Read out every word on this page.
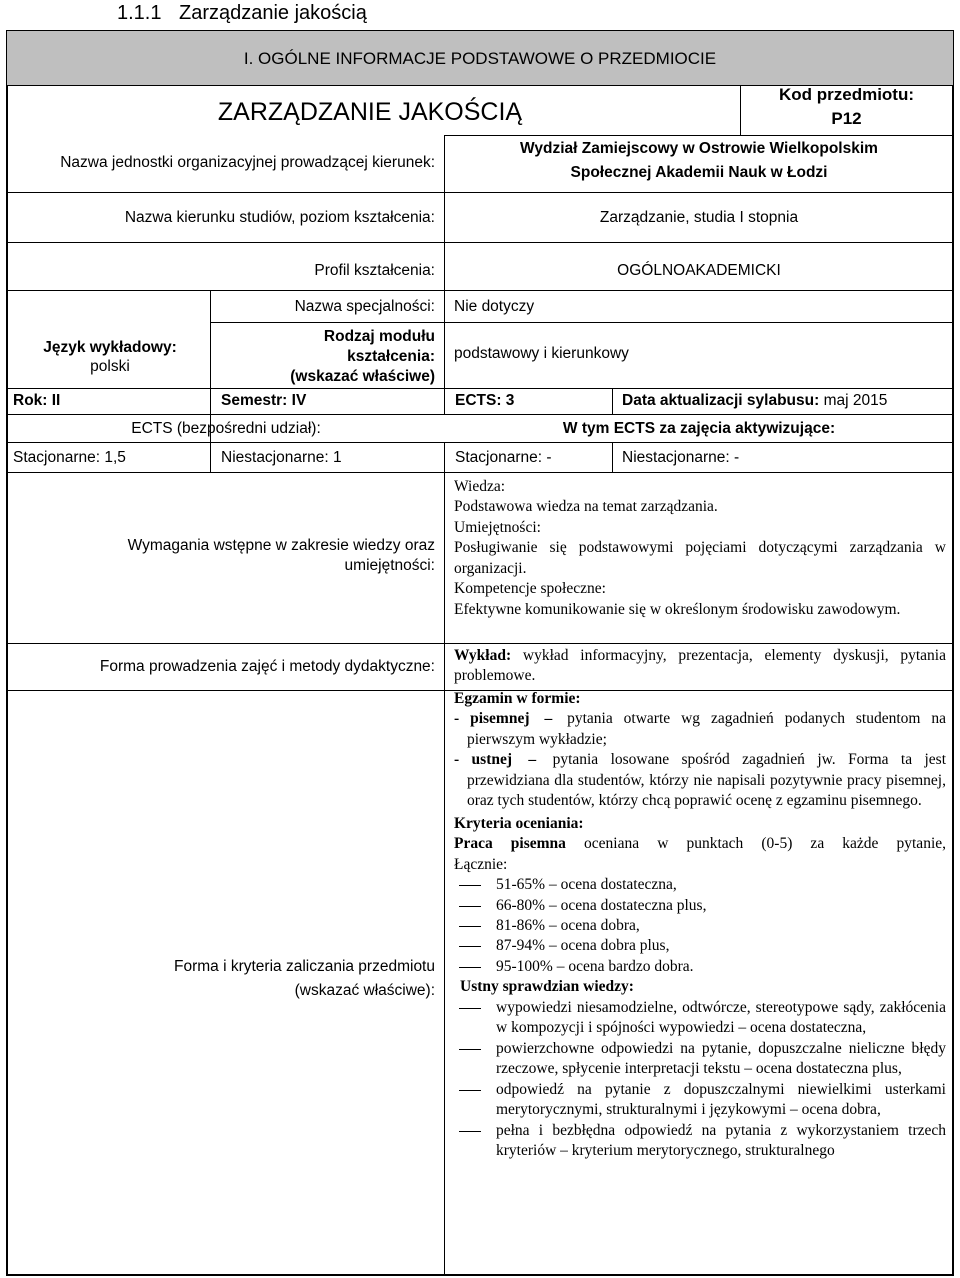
1.1.1 Zarządzanie jakością
I. OGÓLNE INFORMACJE PODSTAWOWE O PRZEDMIOCIE
ZARZĄDZANIE JAKOŚCIĄ
Kod przedmiotu:
P12
Nazwa jednostki organizacyjnej prowadzącej kierunek:
Wydział Zamiejscowy w Ostrowie Wielkopolskim
Społecznej Akademii Nauk w Łodzi
Nazwa kierunku studiów, poziom kształcenia:	Zarządzanie, studia I stopnia
Profil kształcenia:	OGÓLNOAKADEMICKI
Nazwa specjalności: Nie dotyczy
Język wykładowy:
polski
Rodzaj modułu
kształcenia:
(wskazać właściwe)
podstawowy i kierunkowy
Rok: II	Semestr: IV	ECTS: 3	Data aktualizacji sylabusu: maj 2015
ECTS (bezpośredni udział):	W tym ECTS za zajęcia aktywizujące:
Stacjonarne: 1,5	Niestacjonarne: 1	Stacjonarne: -	Niestacjonarne: -
Wymagania wstępne w zakresie wiedzy oraz
umiejętności:
Wiedza:
Podstawowa wiedza na temat zarządzania.
Umiejętności:
Posługiwanie się podstawowymi pojęciami dotyczącymi zarządzania w organizacji.
Kompetencje społeczne:
Efektywne komunikowanie się w określonym środowisku zawodowym.
Forma prowadzenia zajęć i metody dydaktyczne:
Wykład: wykład informacyjny, prezentacja, elementy dyskusji, pytania problemowe.
Forma i kryteria zaliczania przedmiotu
(wskazać właściwe):
Egzamin w formie:
- pisemnej – pytania otwarte wg zagadnień podanych studentom na pierwszym wykładzie;
- ustnej – pytania losowane spośród zagadnień jw. Forma ta jest przewidziana dla studentów, którzy nie napisali pozytywnie pracy pisemnej, oraz tych studentów, którzy chcą poprawić ocenę z egzaminu pisemnego.
Kryteria oceniania:
Praca pisemna oceniana w punktach (0-5) za każde pytanie,
Łącznie:
51-65% – ocena dostateczna,
66-80% – ocena dostateczna plus,
81-86% – ocena dobra,
87-94% – ocena dobra plus,
95-100% – ocena bardzo dobra.
Ustny sprawdzian wiedzy:
wypowiedzi niesamodzielne, odtwórcze, stereotypowe sądy, zakłócenia w kompozycji i spójności wypowiedzi – ocena dostateczna,
powierzchowne odpowiedzi na pytanie, dopuszczalne nieliczne błędy rzeczowe, spłycenie interpretacji tekstu – ocena dostateczna plus,
odpowiedź na pytanie z dopuszczalnymi niewielkimi usterkami merytorycznymi, strukturalnymi i językowymi – ocena dobra,
pełna i bezbłędna odpowiedź na pytania z wykorzystaniem trzech kryteriów – kryterium merytorycznego, strukturalnego
